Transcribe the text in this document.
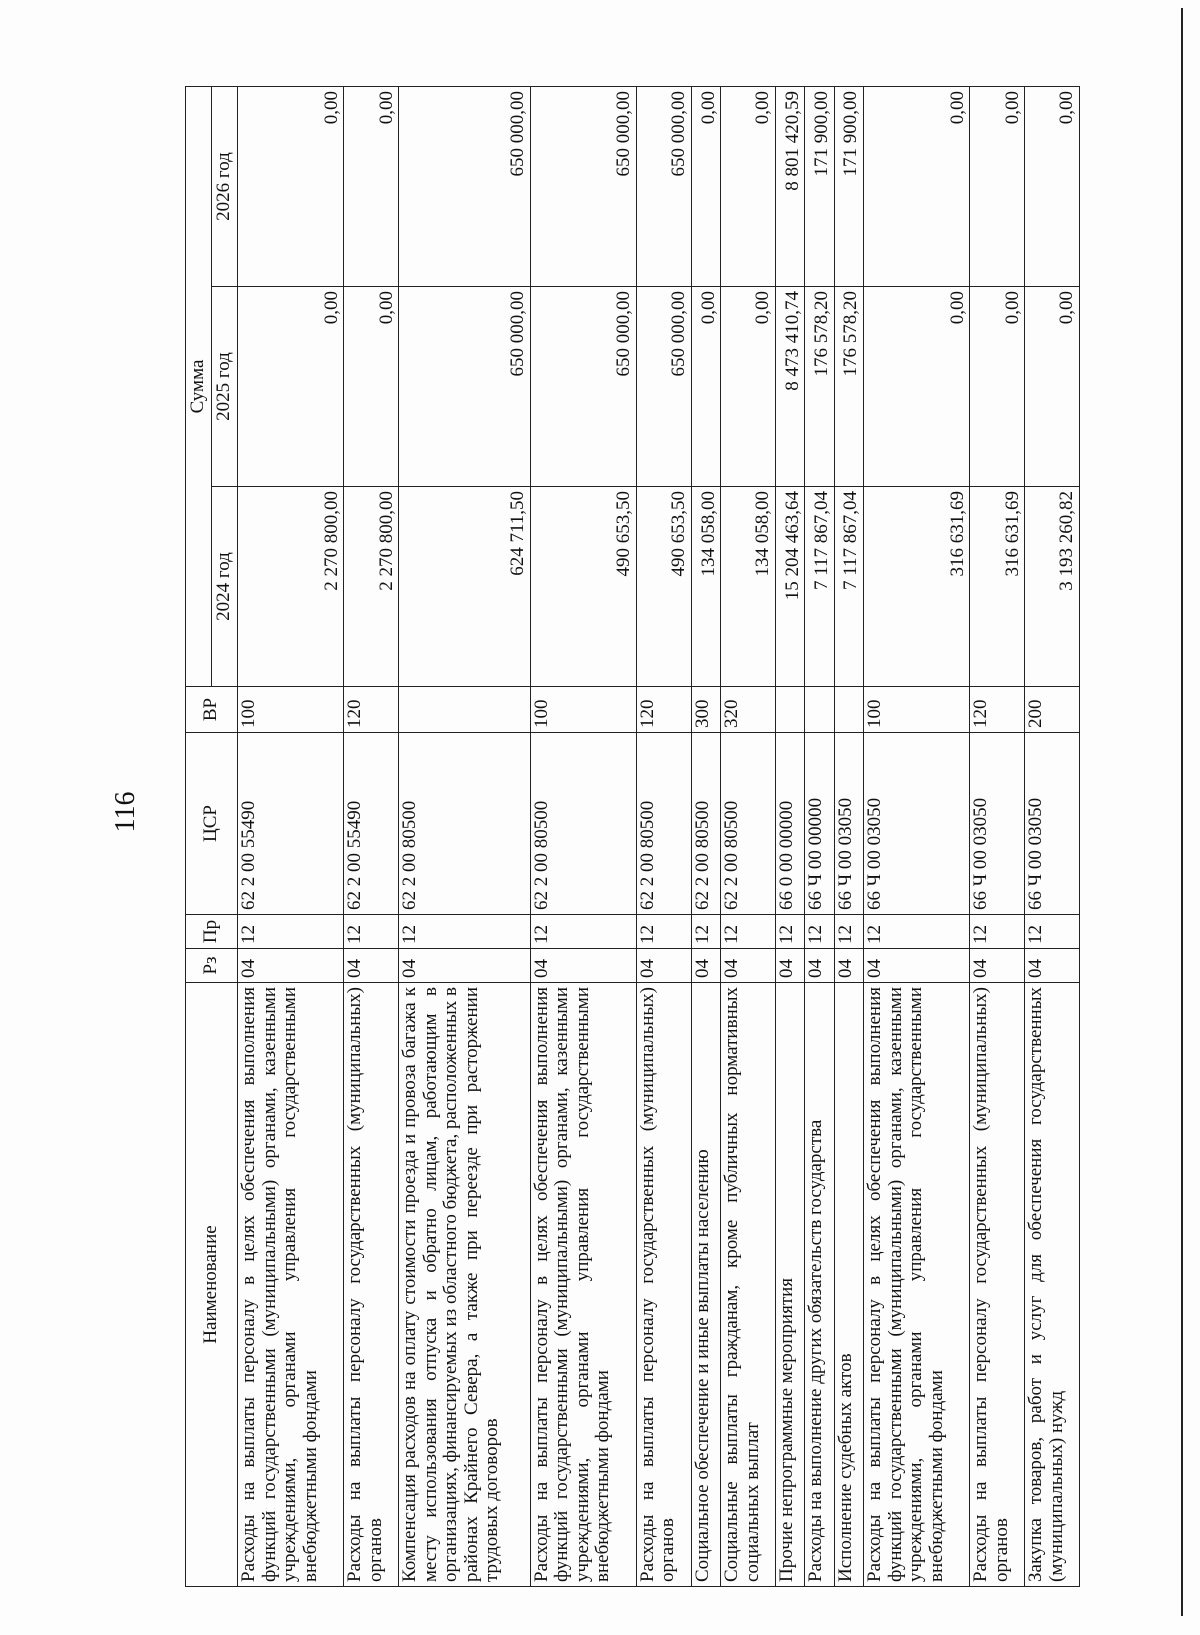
116
Наименование	Рз	Пр	ЦСР	ВР	Сумма		
					2024 год	2025 год	2026 год
Расходы на выплаты персоналу в целях обеспечения выполнения функций государственными (муниципальными) органами, казенными учреждениями, органами управления государственными внебюджетными фондами	04	12	62 2 00 55490	100	2 270 800,00	0,00	0,00
Расходы на выплаты персоналу государственных (муниципальных) органов	04	12	62 2 00 55490	120	2 270 800,00	0,00	0,00
Компенсация расходов на оплату стоимости проезда и провоза багажа к месту использования отпуска и обратно лицам, работающим в организациях, финансируемых из областного бюджета, расположенных в районах Крайнего Севера, а также при переезде при расторжении трудовых договоров	04	12	62 2 00 80500		624 711,50	650 000,00	650 000,00
Расходы на выплаты персоналу в целях обеспечения выполнения функций государственными (муниципальными) органами, казенными учреждениями, органами управления государственными внебюджетными фондами	04	12	62 2 00 80500	100	490 653,50	650 000,00	650 000,00
Расходы на выплаты персоналу государственных (муниципальных) органов	04	12	62 2 00 80500	120	490 653,50	650 000,00	650 000,00
Социальное обеспечение и иные выплаты населению	04	12	62 2 00 80500	300	134 058,00	0,00	0,00
Социальные выплаты гражданам, кроме публичных нормативных социальных выплат	04	12	62 2 00 80500	320	134 058,00	0,00	0,00
Прочие непрограммные мероприятия	04	12	66 0 00 00000		15 204 463,64	8 473 410,74	8 801 420,59
Расходы на выполнение других обязательств государства	04	12	66 Ч 00 00000		7 117 867,04	176 578,20	171 900,00
Исполнение судебных актов	04	12	66 Ч 00 03050		7 117 867,04	176 578,20	171 900,00
Расходы на выплаты персоналу в целях обеспечения выполнения функций государственными (муниципальными) органами, казенными учреждениями, органами управления государственными внебюджетными фондами	04	12	66 Ч 00 03050	100	316 631,69	0,00	0,00
Расходы на выплаты персоналу государственных (муниципальных) органов	04	12	66 Ч 00 03050	120	316 631,69	0,00	0,00
Закупка товаров, работ и услуг для обеспечения государственных (муниципальных) нужд	04	12	66 Ч 00 03050	200	3 193 260,82	0,00	0,00
